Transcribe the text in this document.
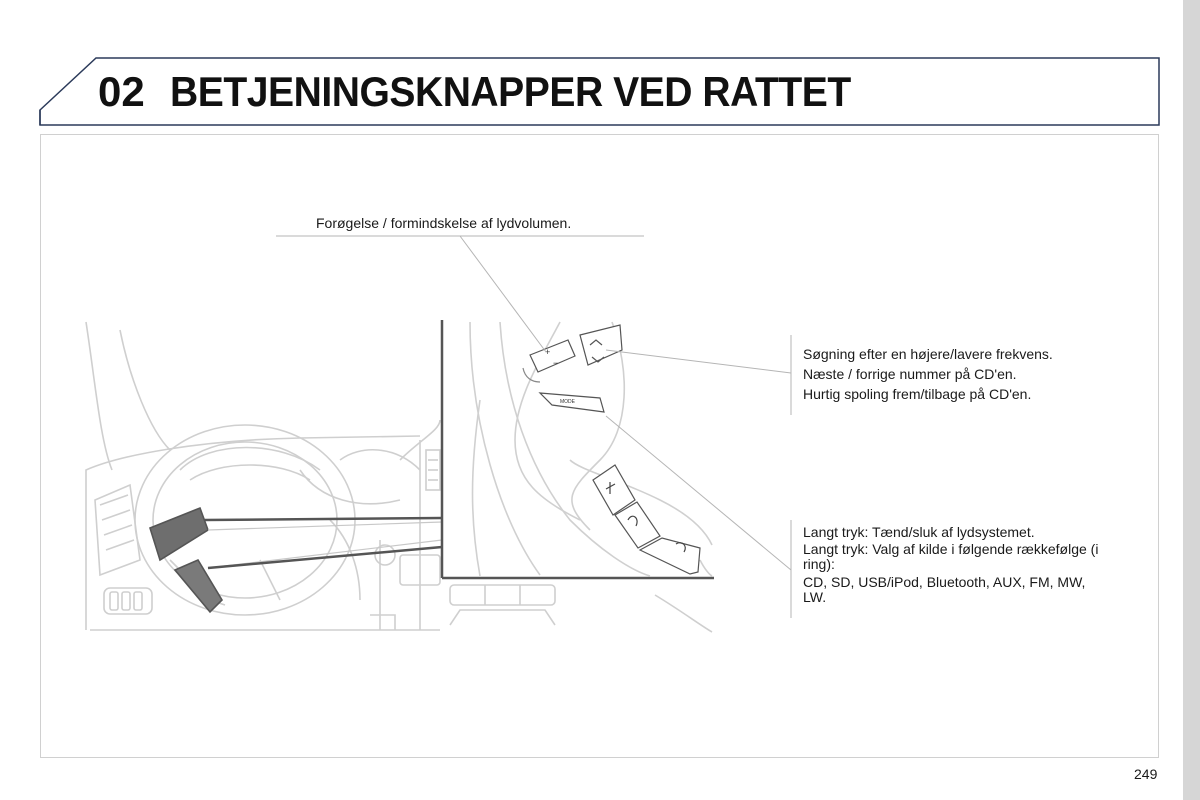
02 BETJENINGSKNAPPER VED RATTET
+
−
MODE
Forøgelse / formindskelse af lydvolumen.

Søgning efter en højere/lavere frekvens.

Næste / forrige nummer på CD'en.

Hurtig spoling frem/tilbage på CD'en.

Langt tryk: Tænd/sluk af lydsystemet.

Langt tryk: Valg af kilde i følgende rækkefølge (i ring):

CD, SD, USB/iPod, Bluetooth, AUX, FM, MW, LW.

249
